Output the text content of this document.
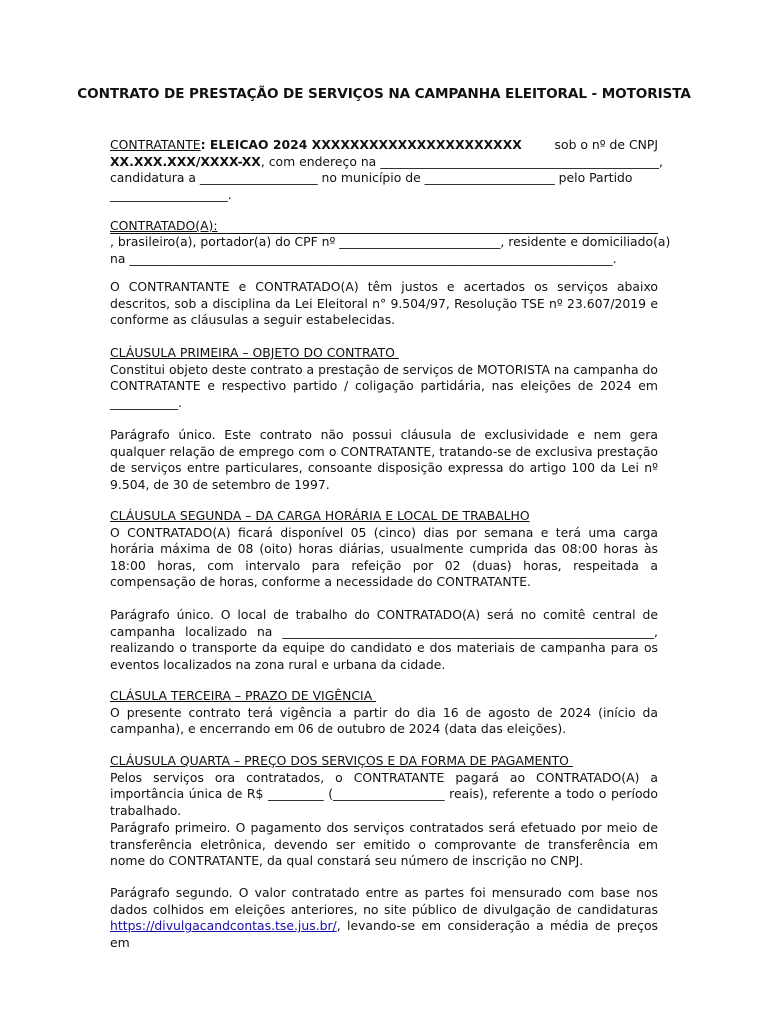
CONTRATO DE PRESTAÇÃO DE SERVIÇOS NA CAMPANHA ELEITORAL - MOTORISTA
CONTRATANTE: ELEICAO 2024 XXXXXXXXXXXXXXXXXXXXXX	sob o nº de CNPJ
XX.XXX.XXX/XXXX-XX , com endereço na _____________________________________________,
candidatura a ___________________ no município de _____________________ pelo Partido
___________________.
CONTRATADO(A):
, brasileiro(a), portador(a) do CPF nº __________________________, residente e domiciliado(a)
na ______________________________________________________________________________.

O CONTRANTANTE e CONTRATADO(A) têm justos e acertados os serviços abaixo descritos, sob a disciplina da Lei Eleitoral n° 9.504/97, Resolução TSE nº 23.607/2019 e conforme as cláusulas a seguir estabelecidas.

CLÁUSULA PRIMEIRA – OBJETO DO CONTRATO

Constitui objeto deste contrato a prestação de serviços de MOTORISTA na campanha do CONTRATANTE e respectivo partido / coligação partidária, nas eleições de 2024 em ___________.

Parágrafo único. Este contrato não possui cláusula de exclusividade e nem gera qualquer relação de emprego com o CONTRATANTE, tratando-se de exclusiva prestação de serviços entre particulares, consoante disposição expressa do artigo 100 da Lei nº 9.504, de 30 de setembro de 1997.

CLÁUSULA SEGUNDA – DA CARGA HORÁRIA E LOCAL DE TRABALHO

O CONTRATADO(A) ficará disponível 05 (cinco) dias por semana e terá uma carga horária máxima de 08 (oito) horas diárias, usualmente cumprida das 08:00 horas às 18:00 horas, com intervalo para refeição por 02 (duas) horas, respeitada a compensação de horas, conforme a necessidade do CONTRATANTE.

Parágrafo único. O local de trabalho do CONTRATADO(A) será no comitê central de campanha localizado na ____________________________________________________________, realizando o transporte da equipe do candidato e dos materiais de campanha para os eventos localizados na zona rural e urbana da cidade.

CLÁSULA TERCEIRA – PRAZO DE VIGÊNCIA

O presente contrato terá vigência a partir do dia 16 de agosto de 2024 (início da campanha), e encerrando em 06 de outubro de 2024 (data das eleições).

CLÁUSULA QUARTA – PREÇO DOS SERVIÇOS E DA FORMA DE PAGAMENTO

Pelos serviços ora contratados, o CONTRATANTE pagará ao CONTRATADO(A) a importância única de R$ _________ (__________________ reais), referente a todo o período trabalhado.

Parágrafo primeiro. O pagamento dos serviços contratados será efetuado por meio de transferência eletrônica, devendo ser emitido o comprovante de transferência em nome do CONTRATANTE, da qual constará seu número de inscrição no CNPJ.

Parágrafo segundo. O valor contratado entre as partes foi mensurado com base nos dados colhidos em eleições anteriores, no site público de divulgação de candidaturas https://divulgacandcontas.tse.jus.br/, levando-se em consideração a média de preços em
